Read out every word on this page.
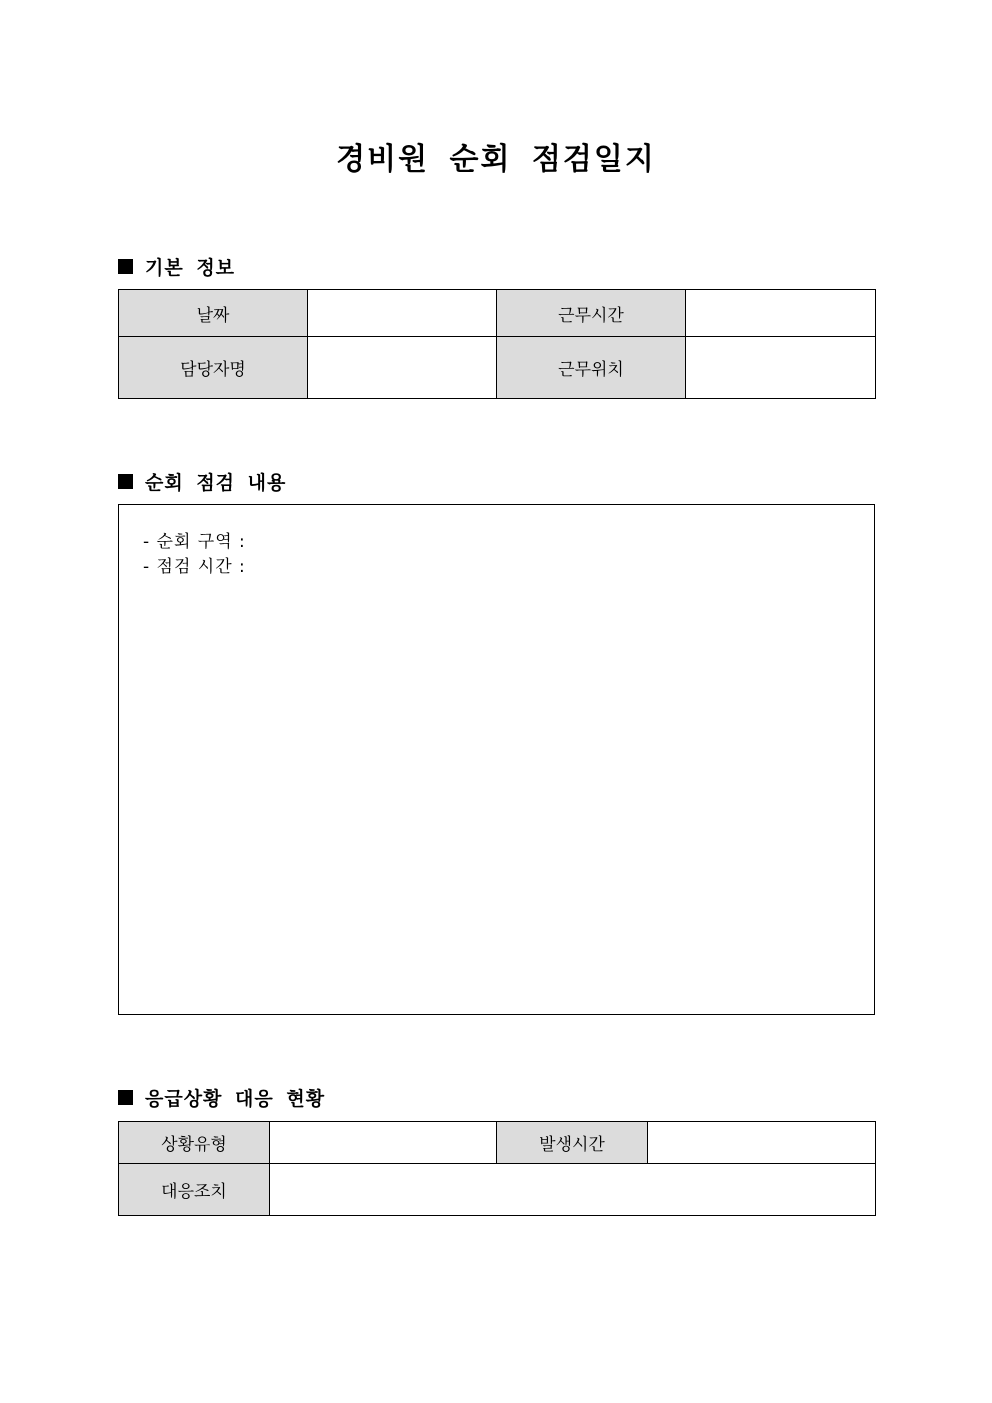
경비원 순회 점검일지
기본 정보
날짜		근무시간	
담당자명		근무위치	
순회 점검 내용
- 순회 구역 :
- 점검 시간 :
응급상황 대응 현황
상황유형		발생시간	
대응조치			
